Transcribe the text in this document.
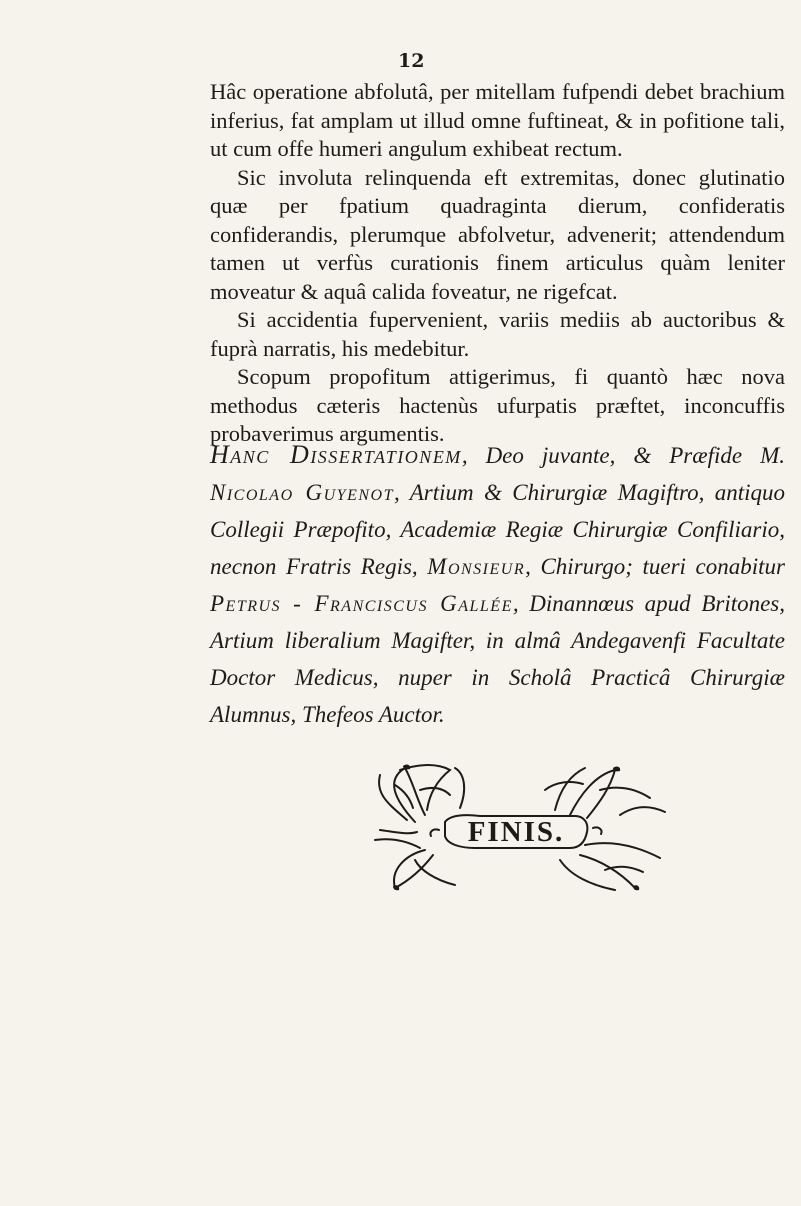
12

Hâc operatione abfolutâ, per mitellam fufpendi debet brachium inferius, fat amplam ut illud omne fuftineat, & in pofitione tali, ut cum offe humeri angulum exhibeat rectum.

Sic involuta relinquenda eft extremitas, donec glutinatio quæ per fpatium quadraginta dierum, confideratis confiderandis, plerumque abfolvetur, advenerit; attendendum tamen ut verfùs curationis finem articulus quàm leniter moveatur & aquâ calida foveatur, ne rigefcat.

Si accidentia fupervenient, variis mediis ab auctoribus & fuprà narratis, his medebitur.

Scopum propofitum attigerimus, fi quantò hæc nova methodus cæteris hactenùs ufurpatis præftet, inconcuffis probaverimus argumentis.

Hanc Dissertationem, Deo juvante, & Præfide M. Nicolao Guyenot, Artium & Chirurgiæ Magiftro, antiquo Collegii Præpofito, Academiæ Regiæ Chirurgiæ Confiliario, necnon Fratris Regis, Monsieur, Chirurgo; tueri conabitur Petrus - Franciscus Gallée, Dinannœus apud Britones, Artium liberalium Magifter, in almâ Andegavenfi Facultate Doctor Medicus, nuper in Scholâ Practicâ Chirurgiæ Alumnus, Thefeos Auctor.

FINIS.
